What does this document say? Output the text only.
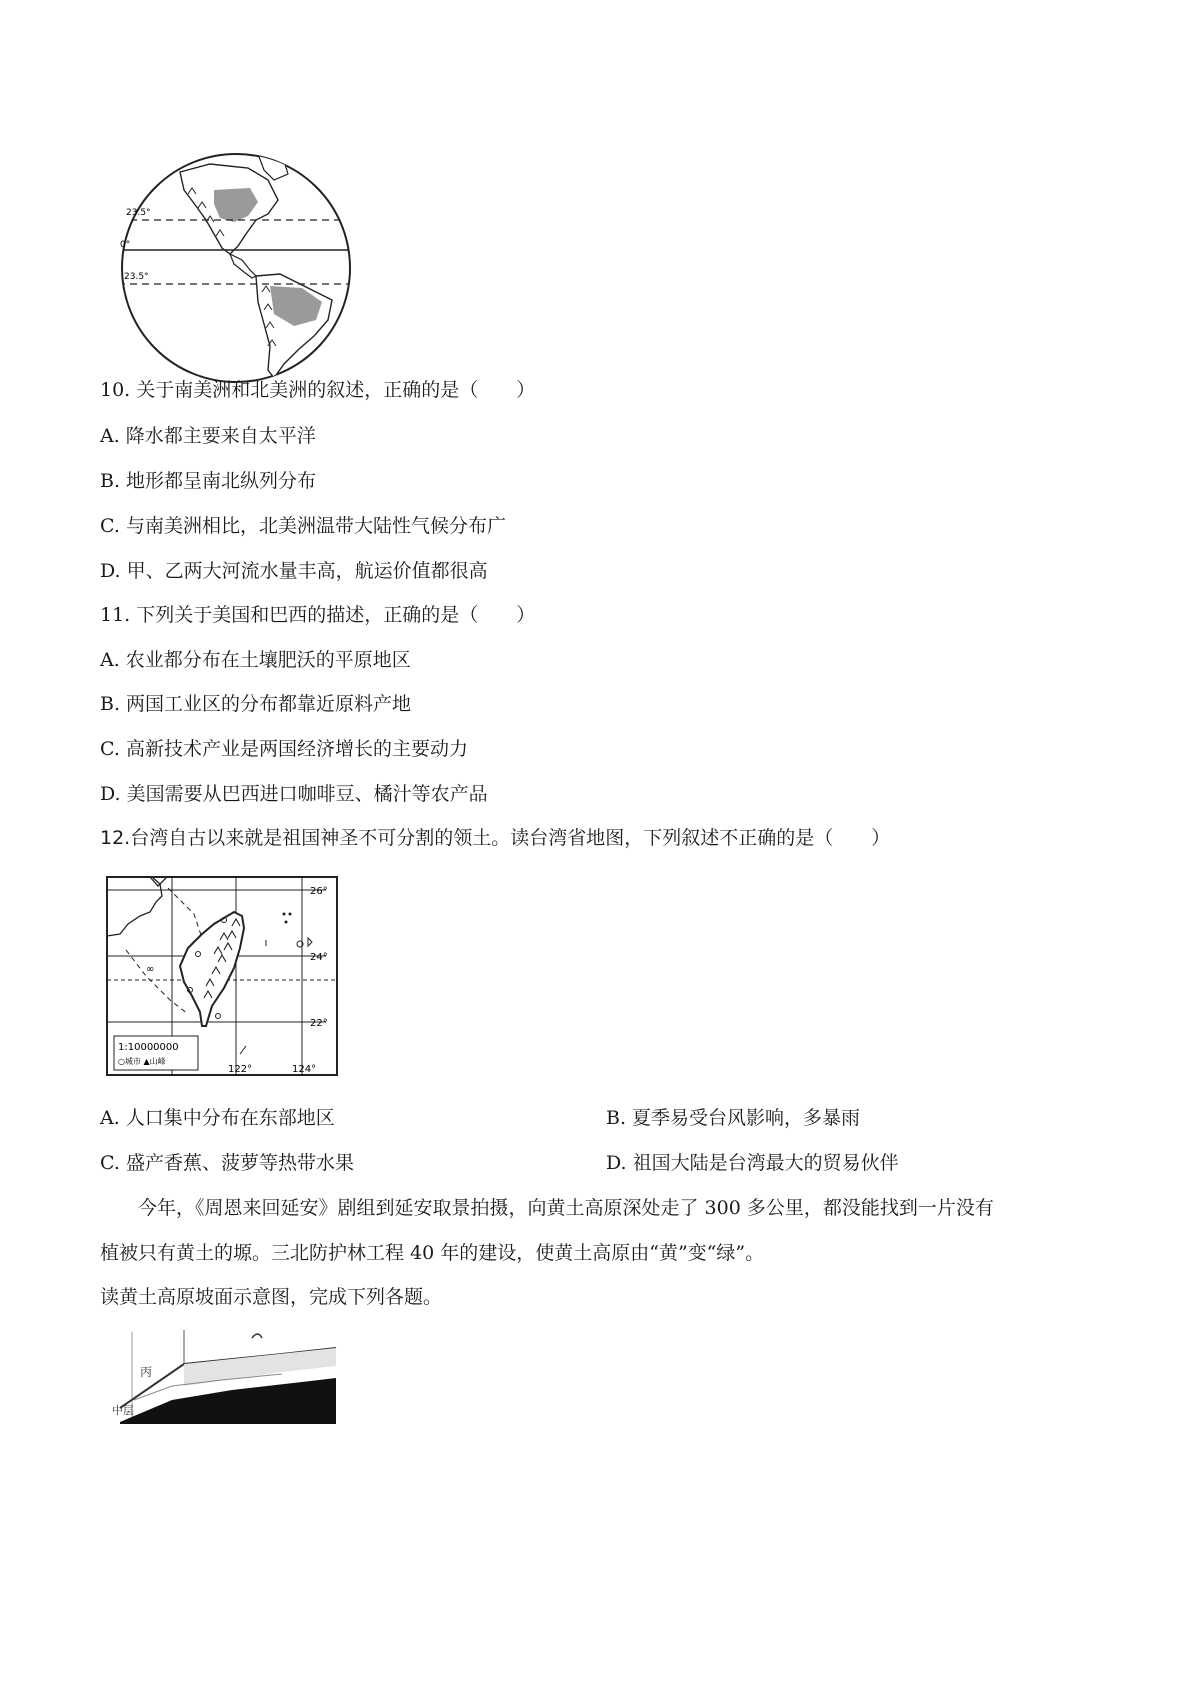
23.5°
0°
23.5°
10. 关于南美洲和北美洲的叙述，正确的是（　　）
A. 降水都主要来自太平洋
B. 地形都呈南北纵列分布
C. 与南美洲相比，北美洲温带大陆性气候分布广
D. 甲、乙两大河流水量丰高，航运价值都很高
11. 下列关于美国和巴西的描述，正确的是（　　）
A. 农业都分布在土壤肥沃的平原地区
B. 两国工业区的分布都靠近原料产地
C. 高新技术产业是两国经济增长的主要动力
D. 美国需要从巴西进口咖啡豆、橘汁等农产品
12.台湾自古以来就是祖国神圣不可分割的领土。读台湾省地图，下列叙述不正确的是（　　）
∞
26°
24°
22°
122°	124°
1:10000000
○城市 ▲山峰
A. 人口集中分布在东部地区	B. 夏季易受台风影响，多暴雨
C. 盛产香蕉、菠萝等热带水果	D. 祖国大陆是台湾最大的贸易伙伴
今年，《周恩来回延安》剧组到延安取景拍摄，向黄土高原深处走了 300 多公里，都没能找到一片没有
植被只有黄土的塬。三北防护林工程 40 年的建设，使黄土高原由“黄”变“绿”。
读黄土高原坡面示意图，完成下列各题。
丙
中层
